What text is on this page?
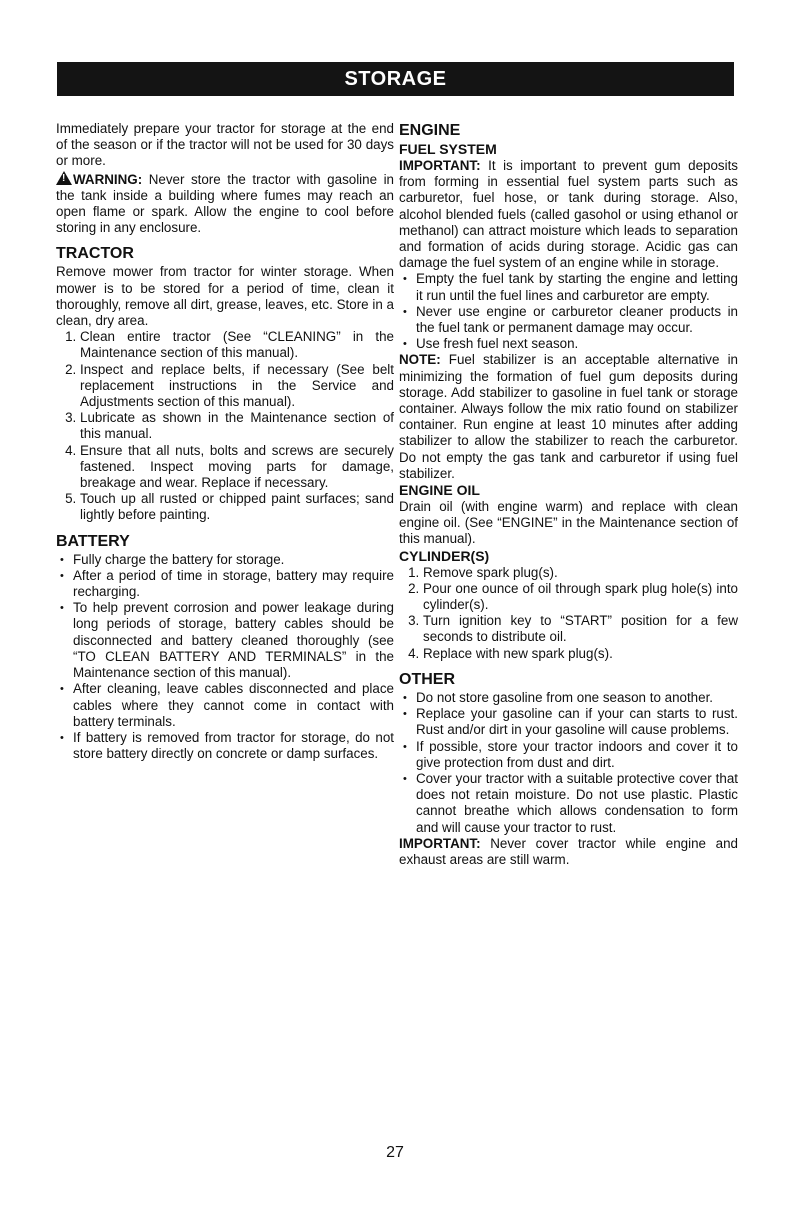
STORAGE

Immediately prepare your tractor for storage at the end of the season or if the tractor will not be used for 30 days or more.

!WARNING: Never store the tractor with gasoline in the tank inside a building where fumes may reach an open flame or spark. Allow the engine to cool before storing in any enclosure.

TRACTOR

Remove mower from tractor for winter storage. When mower is to be stored for a period of time, clean it thoroughly, remove all dirt, grease, leaves, etc. Store in a clean, dry area.

1. Clean entire tractor (See “CLEANING” in the Maintenance section of this manual).
2. Inspect and replace belts, if necessary (See belt replacement instructions in the Service and Adjustments section of this manual).
3. Lubricate as shown in the Maintenance section of this manual.
4. Ensure that all nuts, bolts and screws are securely fastened. Inspect moving parts for damage, breakage and wear. Replace if necessary.
5. Touch up all rusted or chipped paint surfaces; sand lightly before painting.
BATTERY
• Fully charge the battery for storage.
• After a period of time in storage, battery may require recharging.
• To help prevent corrosion and power leakage during long periods of storage, battery cables should be disconnected and battery cleaned thoroughly (see “TO CLEAN BATTERY AND TERMINALS” in the Maintenance section of this manual).
• After cleaning, leave cables disconnected and place cables where they cannot come in contact with battery terminals.
• If battery is removed from tractor for storage, do not store battery directly on concrete or damp surfaces.
ENGINE
FUEL SYSTEM

IMPORTANT: It is important to prevent gum deposits from forming in essential fuel system parts such as carburetor, fuel hose, or tank during storage. Also, alcohol blended fuels (called gasohol or using ethanol or methanol) can attract moisture which leads to separation and formation of acids during storage. Acidic gas can damage the fuel system of an engine while in storage.

• Empty the fuel tank by starting the engine and letting it run until the fuel lines and carburetor are empty.
• Never use engine or carburetor cleaner products in the fuel tank or permanent damage may occur.
• Use fresh fuel next season.

NOTE: Fuel stabilizer is an acceptable alternative in minimizing the formation of fuel gum deposits during storage. Add stabilizer to gasoline in fuel tank or storage container. Always follow the mix ratio found on stabilizer container. Run engine at least 10 minutes after adding stabilizer to allow the stabilizer to reach the carburetor. Do not empty the gas tank and carburetor if using fuel stabilizer.

ENGINE OIL

Drain oil (with engine warm) and replace with clean engine oil. (See “ENGINE” in the Maintenance section of this manual).

CYLINDER(S)
1. Remove spark plug(s).
2. Pour one ounce of oil through spark plug hole(s) into cylinder(s).
3. Turn ignition key to “START” position for a few seconds to distribute oil.
4. Replace with new spark plug(s).
OTHER
• Do not store gasoline from one season to another.
• Replace your gasoline can if your can starts to rust. Rust and/or dirt in your gasoline will cause problems.
• If possible, store your tractor indoors and cover it to give protection from dust and dirt.
• Cover your tractor with a suitable protective cover that does not retain moisture. Do not use plastic. Plastic cannot breathe which allows condensation to form and will cause your tractor to rust.

IMPORTANT: Never cover tractor while engine and exhaust areas are still warm.

27
